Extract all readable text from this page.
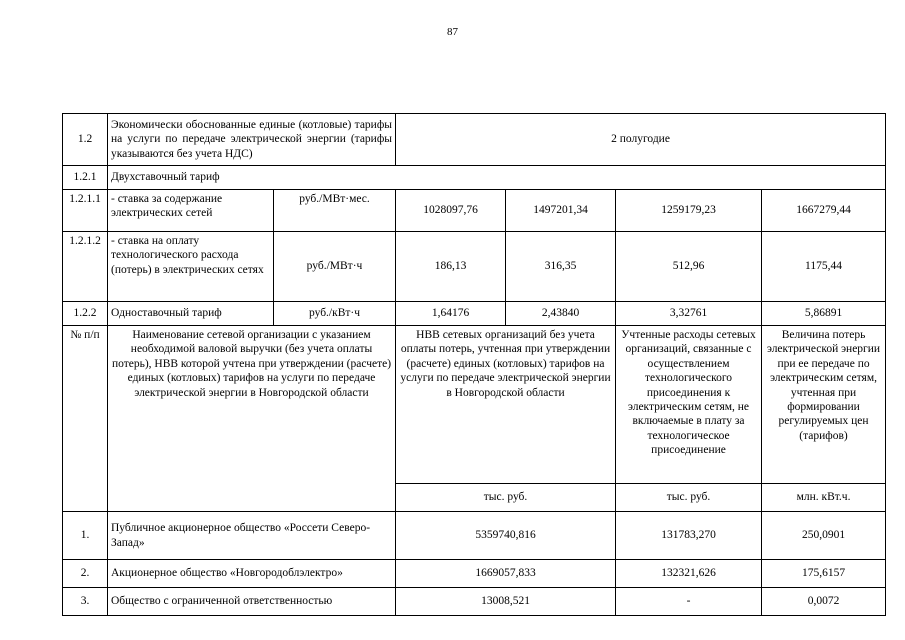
87
1.2	Экономически обоснованные единые (котловые) тарифы на услуги по передаче электрической энергии (тарифы указываются без учета НДС)		2 полугодие			
1.2.1	Двухставочный тариф					
1.2.1.1	- ставка за содержание электрических сетей	руб./МВт·мес.	1028097,76	1497201,34	1259179,23	1667279,44
1.2.1.2	- ставка на оплату технологического расхода (потерь) в электрических сетях	руб./МВт·ч	186,13	316,35	512,96	1175,44
1.2.2	Одноставочный тариф	руб./кВт·ч	1,64176	2,43840	3,32761	5,86891
№ п/п	Наименование сетевой организации с указанием необходимой валовой выручки (без учета оплаты потерь), НВВ которой учтена при утверждении (расчете) единых (котловых) тарифов на услуги по передаче электрической энергии в Новгородской области		НВВ сетевых организаций без учета оплаты потерь, учтенная при утверждении (расчете) единых (котловых) тарифов на услуги по передаче электрической энергии в Новгородской области		Учтенные расходы сетевых организаций, связанные с осуществлением технологического присоединения к электрическим сетям, не включаемые в плату за технологическое присоединение	Величина потерь электрической энергии при ее передаче по электрическим сетям, учтенная при формировании регулируемых цен (тарифов)
			тыс. руб.		тыс. руб.	млн. кВт.ч.
1.	Публичное акционерное общество «Россети Северо-Запад»		5359740,816		131783,270	250,0901
2.	Акционерное общество «Новгородоблэлектро»		1669057,833		132321,626	175,6157
3.	Общество с ограниченной ответственностью		13008,521		-	0,0072
